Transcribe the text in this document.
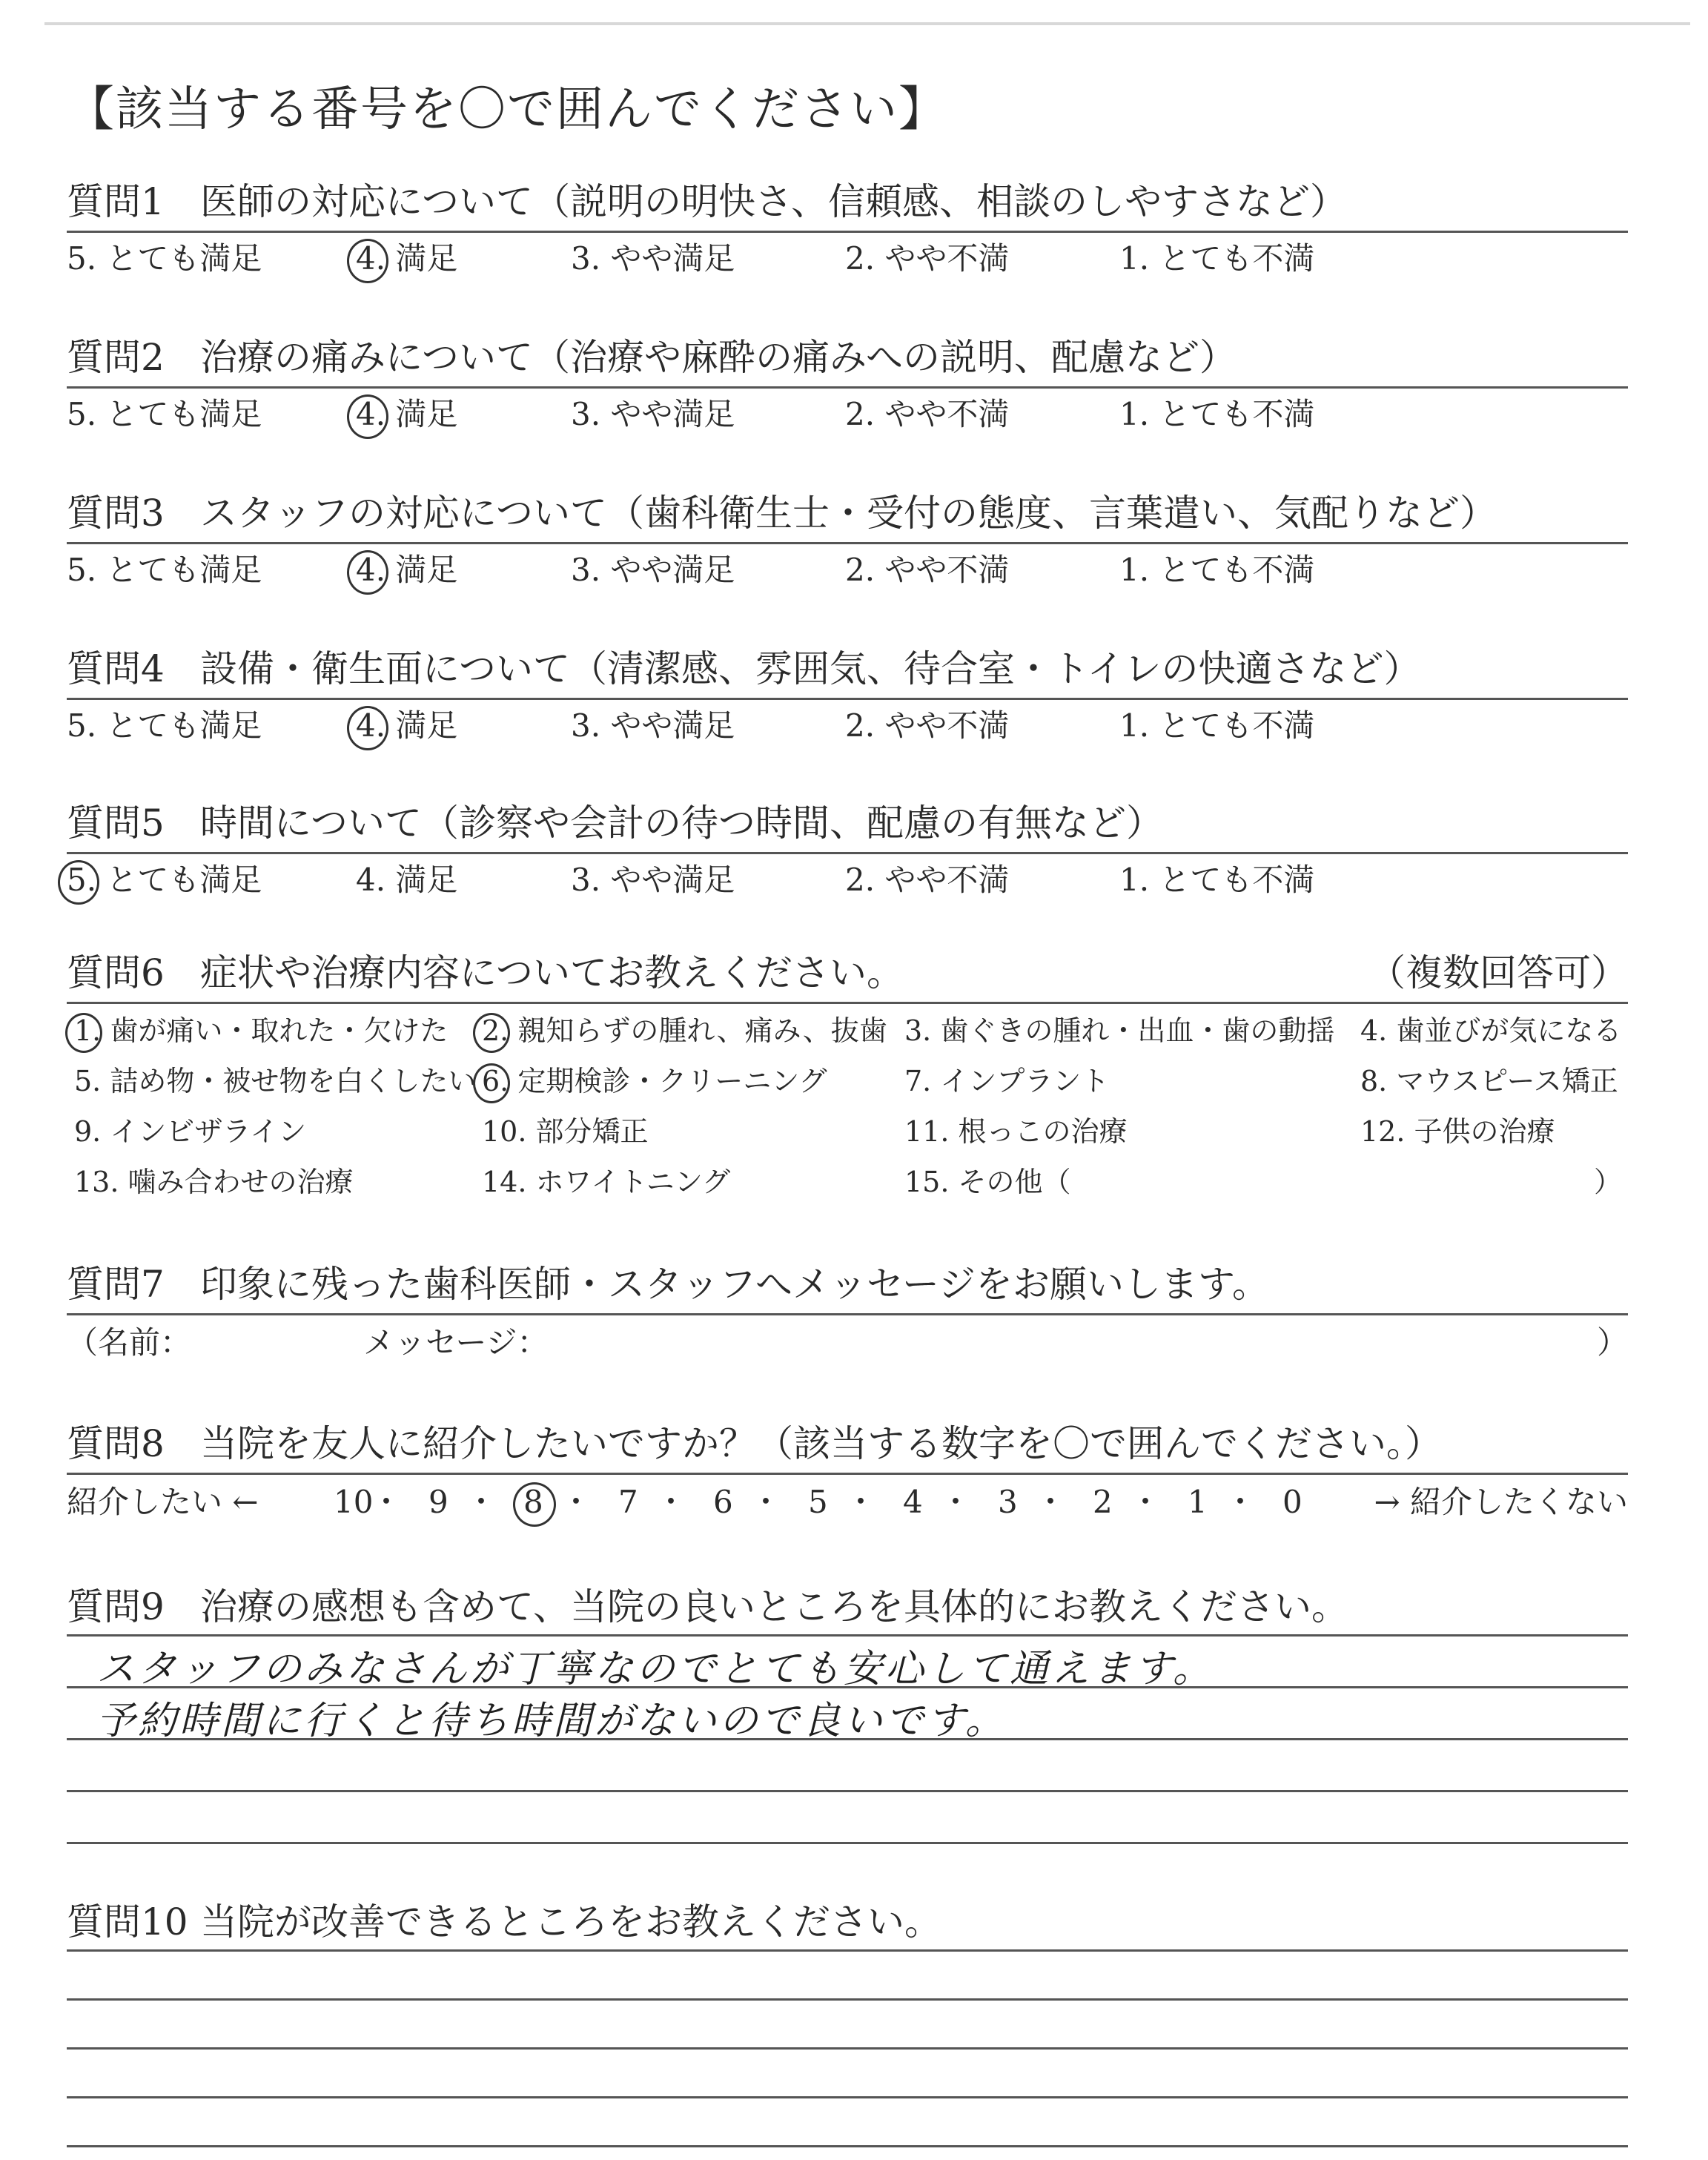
【該当する番号を〇で囲んでください】
質問1 医師の対応について（説明の明快さ、信頼感、相談のしやすさなど）
5. とても満足	4. 満足	3. やや満足	2. やや不満	1. とても不満
質問2 治療の痛みについて（治療や麻酔の痛みへの説明、配慮など）
5. とても満足	4. 満足	3. やや満足	2. やや不満	1. とても不満
質問3 スタッフの対応について（歯科衛生士・受付の態度、言葉遣い、気配りなど）
5. とても満足	4. 満足	3. やや満足	2. やや不満	1. とても不満
質問4 設備・衛生面について（清潔感、雰囲気、待合室・トイレの快適さなど）
5. とても満足	4. 満足	3. やや満足	2. やや不満	1. とても不満
質問5 時間について（診察や会計の待つ時間、配慮の有無など）
5. とても満足	4. 満足	3. やや満足	2. やや不満	1. とても不満
質問6 症状や治療内容についてお教えください。	（複数回答可）
1. 歯が痛い・取れた・欠けた 2. 親知らずの腫れ、痛み、抜歯 3. 歯ぐきの腫れ・出血・歯の動揺 4. 歯並びが気になる
5. 詰め物・被せ物を白くしたい 6. 定期検診・クリーニング	7. インプラント	8. マウスピース矯正
9. インビザライン	10. 部分矯正	11. 根っこの治療	12. 子供の治療
13. 噛み合わせの治療	14. ホワイトニング	15. その他（	）
質問7 印象に残った歯科医師・スタッフへメッセージをお願いします。
（名前：	メッセージ：	）
質問8 当院を友人に紹介したいですか？（該当する数字を〇で囲んでください。）
紹介したい ←	→ 紹介したくない
10
・ 9 ・ 8 ・ 7 ・ 6 ・ 5 ・ 4 ・ 3 ・ 2 ・ 1 ・ 0
質問9 治療の感想も含めて、当院の良いところを具体的にお教えください。
スタッフのみなさんが丁寧なのでとても安心して通えます。
予約時間に行くと待ち時間がないので良いです。
質問10 当院が改善できるところをお教えください。
